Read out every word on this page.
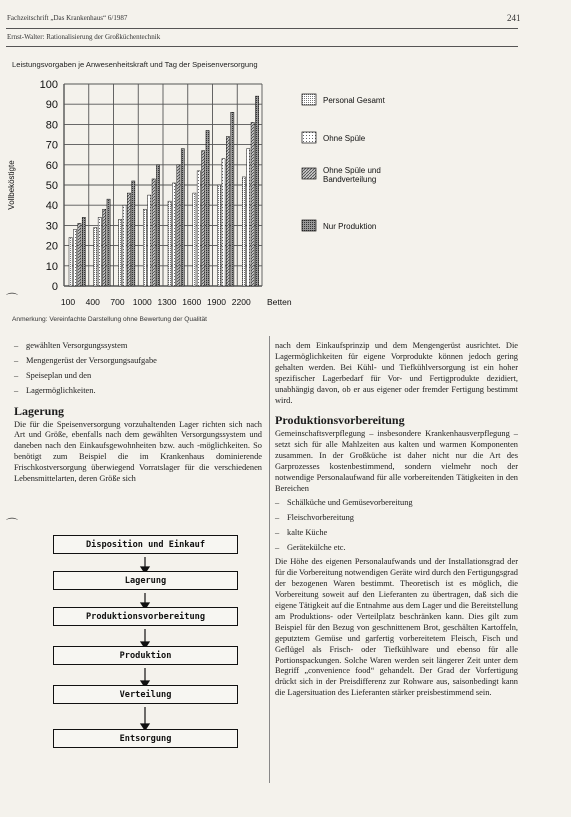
Fachzeitschrift „Das Krankenhaus“ 6/1987	241
Ernst-Walter: Rationalisierung der Großküchentechnik
Leistungsvorgaben je Anwesenheitskraft und Tag der Speisenversorgung
0
10
20
30
40
50
60
70
80
90
100
Vollbeköstigte
100 400 700 1000 1300 1600 1900 2200 Betten
Personal Gesamt
Ohne Spüle
Ohne Spüle und
Bandverteilung
Nur Produktion
Anmerkung: Vereinfachte Darstellung ohne Bewertung der Qualität
⌒
– gewählten Versorgungssystem
– Mengengerüst der Versorgungsaufgabe
– Speiseplan und den
– Lagermöglichkeiten.
Lagerung

Die für die Speisenversorgung vorzuhaltenden Lager richten sich nach Art und Größe, ebenfalls nach dem gewählten Versorgungssystem und daneben nach den Einkaufsgewohnheiten bzw. auch -möglichkeiten. So benötigt zum Beispiel die im Krankenhaus dominierende Frischkostversorgung überwiegend Vorratslager für die verschiedenen Lebensmittelarten, deren Größe sich

⌒
Disposition und Einkauf
Lagerung
Produktionsvorbereitung
Produktion
Verteilung
Entsorgung

nach dem Einkaufsprinzip und dem Mengengerüst ausrichtet. Die Lagermöglichkeiten für eigene Vorprodukte können jedoch gering gehalten werden. Bei Kühl- und Tiefkühlversorgung ist ein hoher spezifischer Lagerbedarf für Vor- und Fertigprodukte dezidiert, unabhängig davon, ob er aus eigener oder fremder Fertigung bestimmt wird.

Produktionsvorbereitung

Gemeinschaftsverpflegung – insbesondere Krankenhausverpflegung – setzt sich für alle Mahlzeiten aus kalten und warmen Komponenten zusammen. In der Großküche ist daher nicht nur die Art des Garprozesses kostenbestimmend, sondern vielmehr noch der notwendige Personalaufwand für alle vorbereitenden Tätigkeiten in den Bereichen

– Schälküche und Gemüsevorbereitung
– Fleischvorbereitung
– kalte Küche
– Gerätekülche etc.

Die Höhe des eigenen Personalaufwands und der Installationsgrad der für die Vorbereitung notwendigen Geräte wird durch den Fertigungsgrad der bezogenen Waren bestimmt. Theoretisch ist es möglich, die Vorbereitung soweit auf den Lieferanten zu übertragen, daß sich die eigene Tätigkeit auf die Entnahme aus dem Lager und die Bereitstellung am Produktions- oder Verteilplatz beschränken kann. Dies gilt zum Beispiel für den Bezug von geschnittenem Brot, geschälten Kartoffeln, geputztem Gemüse und garfertig vorbereitetem Fleisch, Fisch und Geflügel als Frisch- oder Tiefkühlware und ebenso für alle Portionspackungen. Solche Waren werden seit längerer Zeit unter dem Begriff „convenience food“ gehandelt. Der Grad der Vorfertigung drückt sich in der Preisdifferenz zur Rohware aus, saisonbedingt kann die Lagersituation des Lieferanten stärker preisbestimmend sein.
